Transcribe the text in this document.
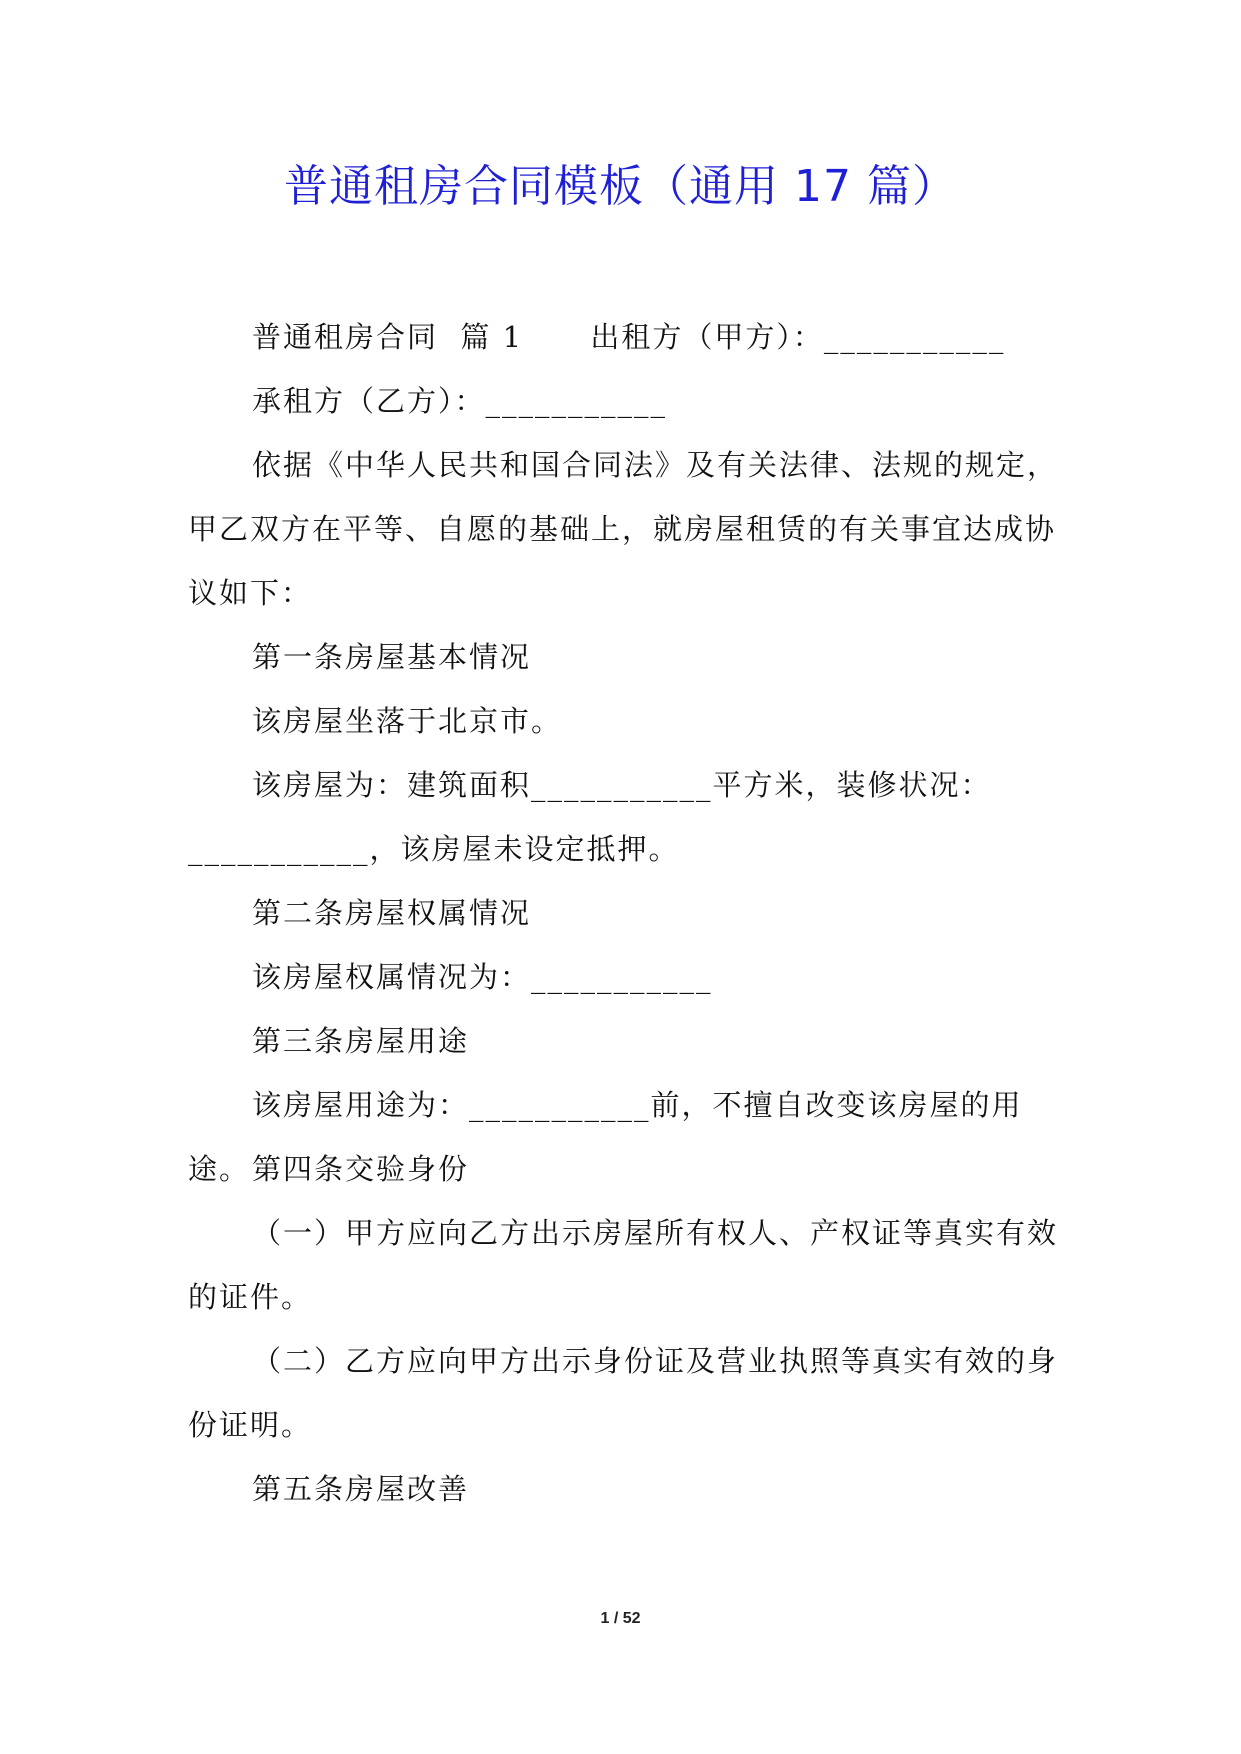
普通租房合同模板（通用 17 篇）

普通租房合同  篇 1      出租方（甲方）：___________

承租方（乙方）：___________

依据《中华人民共和国合同法》及有关法律、法规的规定，甲乙双方在平等、自愿的基础上，就房屋租赁的有关事宜达成协议如下：

第一条房屋基本情况

该房屋坐落于北京市。

该房屋为：建筑面积___________平方米，装修状况：___________，该房屋未设定抵押。

第二条房屋权属情况

该房屋权属情况为：___________

第三条房屋用途

该房屋用途为：___________前，不擅自改变该房屋的用途。 第四条交验身份

（一）甲方应向乙方出示房屋所有权人、产权证等真实有效的证件。

（二）乙方应向甲方出示身份证及营业执照等真实有效的身份证明。

第五条房屋改善

1 / 52
